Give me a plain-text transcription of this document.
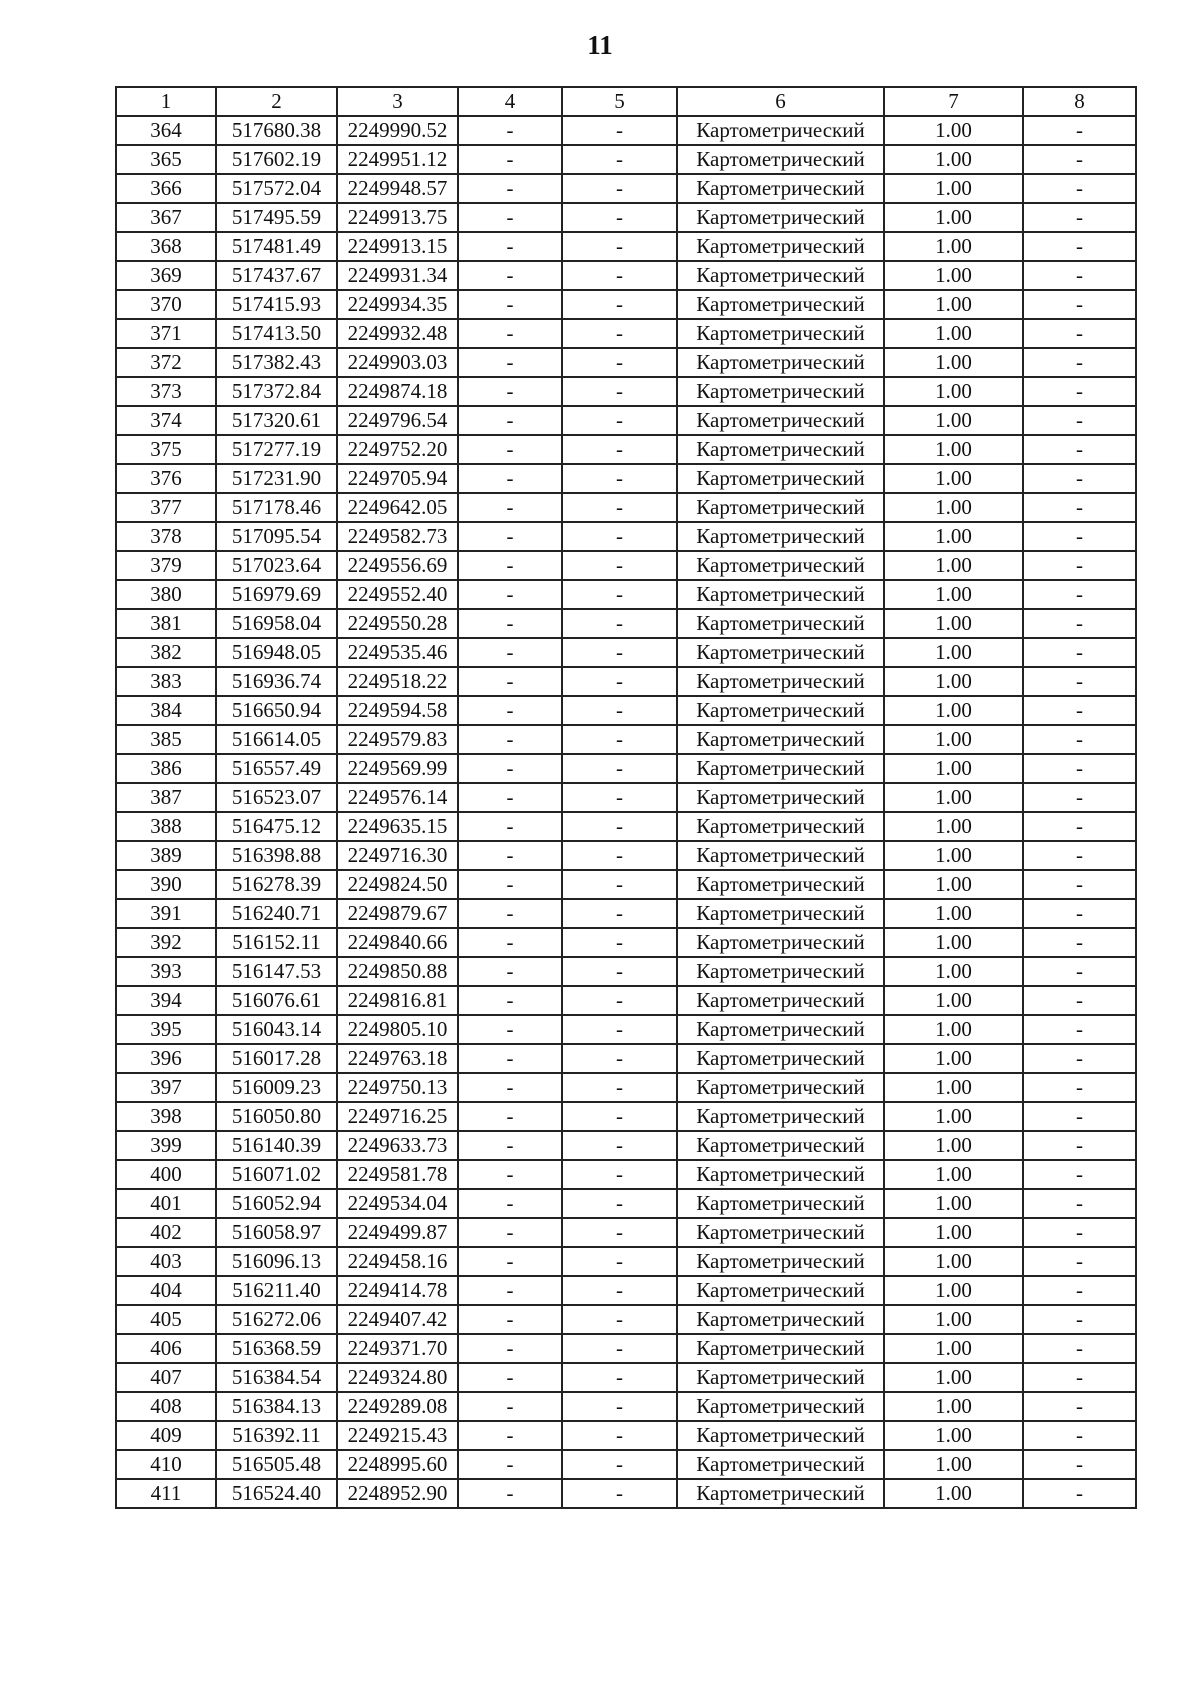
11
1	2	3	4	5	6	7	8
364	517680.38	2249990.52	-	-	Картометрический	1.00	-
365	517602.19	2249951.12	-	-	Картометрический	1.00	-
366	517572.04	2249948.57	-	-	Картометрический	1.00	-
367	517495.59	2249913.75	-	-	Картометрический	1.00	-
368	517481.49	2249913.15	-	-	Картометрический	1.00	-
369	517437.67	2249931.34	-	-	Картометрический	1.00	-
370	517415.93	2249934.35	-	-	Картометрический	1.00	-
371	517413.50	2249932.48	-	-	Картометрический	1.00	-
372	517382.43	2249903.03	-	-	Картометрический	1.00	-
373	517372.84	2249874.18	-	-	Картометрический	1.00	-
374	517320.61	2249796.54	-	-	Картометрический	1.00	-
375	517277.19	2249752.20	-	-	Картометрический	1.00	-
376	517231.90	2249705.94	-	-	Картометрический	1.00	-
377	517178.46	2249642.05	-	-	Картометрический	1.00	-
378	517095.54	2249582.73	-	-	Картометрический	1.00	-
379	517023.64	2249556.69	-	-	Картометрический	1.00	-
380	516979.69	2249552.40	-	-	Картометрический	1.00	-
381	516958.04	2249550.28	-	-	Картометрический	1.00	-
382	516948.05	2249535.46	-	-	Картометрический	1.00	-
383	516936.74	2249518.22	-	-	Картометрический	1.00	-
384	516650.94	2249594.58	-	-	Картометрический	1.00	-
385	516614.05	2249579.83	-	-	Картометрический	1.00	-
386	516557.49	2249569.99	-	-	Картометрический	1.00	-
387	516523.07	2249576.14	-	-	Картометрический	1.00	-
388	516475.12	2249635.15	-	-	Картометрический	1.00	-
389	516398.88	2249716.30	-	-	Картометрический	1.00	-
390	516278.39	2249824.50	-	-	Картометрический	1.00	-
391	516240.71	2249879.67	-	-	Картометрический	1.00	-
392	516152.11	2249840.66	-	-	Картометрический	1.00	-
393	516147.53	2249850.88	-	-	Картометрический	1.00	-
394	516076.61	2249816.81	-	-	Картометрический	1.00	-
395	516043.14	2249805.10	-	-	Картометрический	1.00	-
396	516017.28	2249763.18	-	-	Картометрический	1.00	-
397	516009.23	2249750.13	-	-	Картометрический	1.00	-
398	516050.80	2249716.25	-	-	Картометрический	1.00	-
399	516140.39	2249633.73	-	-	Картометрический	1.00	-
400	516071.02	2249581.78	-	-	Картометрический	1.00	-
401	516052.94	2249534.04	-	-	Картометрический	1.00	-
402	516058.97	2249499.87	-	-	Картометрический	1.00	-
403	516096.13	2249458.16	-	-	Картометрический	1.00	-
404	516211.40	2249414.78	-	-	Картометрический	1.00	-
405	516272.06	2249407.42	-	-	Картометрический	1.00	-
406	516368.59	2249371.70	-	-	Картометрический	1.00	-
407	516384.54	2249324.80	-	-	Картометрический	1.00	-
408	516384.13	2249289.08	-	-	Картометрический	1.00	-
409	516392.11	2249215.43	-	-	Картометрический	1.00	-
410	516505.48	2248995.60	-	-	Картометрический	1.00	-
411	516524.40	2248952.90	-	-	Картометрический	1.00	-
